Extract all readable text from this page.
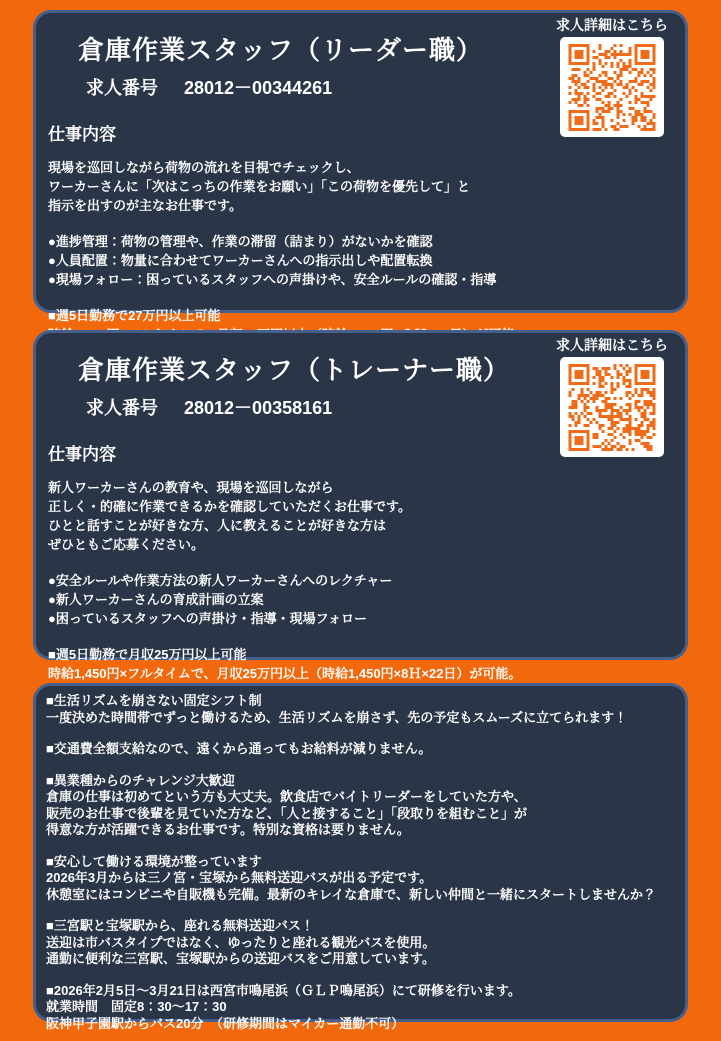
倉庫作業スタッフ（リーダー職）
求人番号 28012－00344261
仕事内容
現場を巡回しながら荷物の流れを目視でチェックし、
ワーカーさんに「次はこっちの作業をお願い」「この荷物を優先して」と
指示を出すのが主なお仕事です。
●進捗管理：荷物の管理や、作業の滞留（詰まり）がないかを確認
●人員配置：物量に合わせてワーカーさんへの指示出しや配置転換
●現場フォロー：困っているスタッフへの声掛けや、安全ルールの確認・指導
■週5日勤務で27万円以上可能
求人詳細はこちら
倉庫作業スタッフ（トレーナー職）
求人番号 28012－00358161
仕事内容
新人ワーカーさんの教育や、現場を巡回しながら
正しく・的確に作業できるかを確認していただくお仕事です。
ひとと話すことが好きな方、人に教えることが好きな方は
ぜひともご応募ください。
●安全ルールや作業方法の新人ワーカーさんへのレクチャー
●新人ワーカーさんの育成計画の立案
●困っているスタッフへの声掛け・指導・現場フォロー
■週5日勤務で月収25万円以上可能
時給1,450円×フルタイムで、月収25万円以上（時給1,450円×8Ｈ×22日）が可能。
求人詳細はこちら
■生活リズムを崩さない固定シフト制
一度決めた時間帯でずっと働けるため、生活リズムを崩さず、先の予定もスムーズに立てられます！
■交通費全額支給なので、遠くから通ってもお給料が減りません。
■異業種からのチャレンジ大歓迎
倉庫の仕事は初めてという方も大丈夫。飲食店でバイトリーダーをしていた方や、
販売のお仕事で後輩を見ていた方など、「人と接すること」「段取りを組むこと」が
得意な方が活躍できるお仕事です。特別な資格は要りません。
■安心して働ける環境が整っています
2026年3月からは三ノ宮・宝塚から無料送迎バスが出る予定です。
休憩室にはコンビニや自販機も完備。最新のキレイな倉庫で、新しい仲間と一緒にスタートしませんか？
■三宮駅と宝塚駅から、座れる無料送迎バス！
送迎は市バスタイプではなく、ゆったりと座れる観光バスを使用。
通勤に便利な三宮駅、宝塚駅からの送迎バスをご用意しています。
■2026年2月5日～3月21日は西宮市鳴尾浜（ＧＬＰ鳴尾浜）にて研修を行います。
就業時間　固定8：30～17：30
阪神甲子園駅からバス20分　（研修期間はマイカー通勤不可）
